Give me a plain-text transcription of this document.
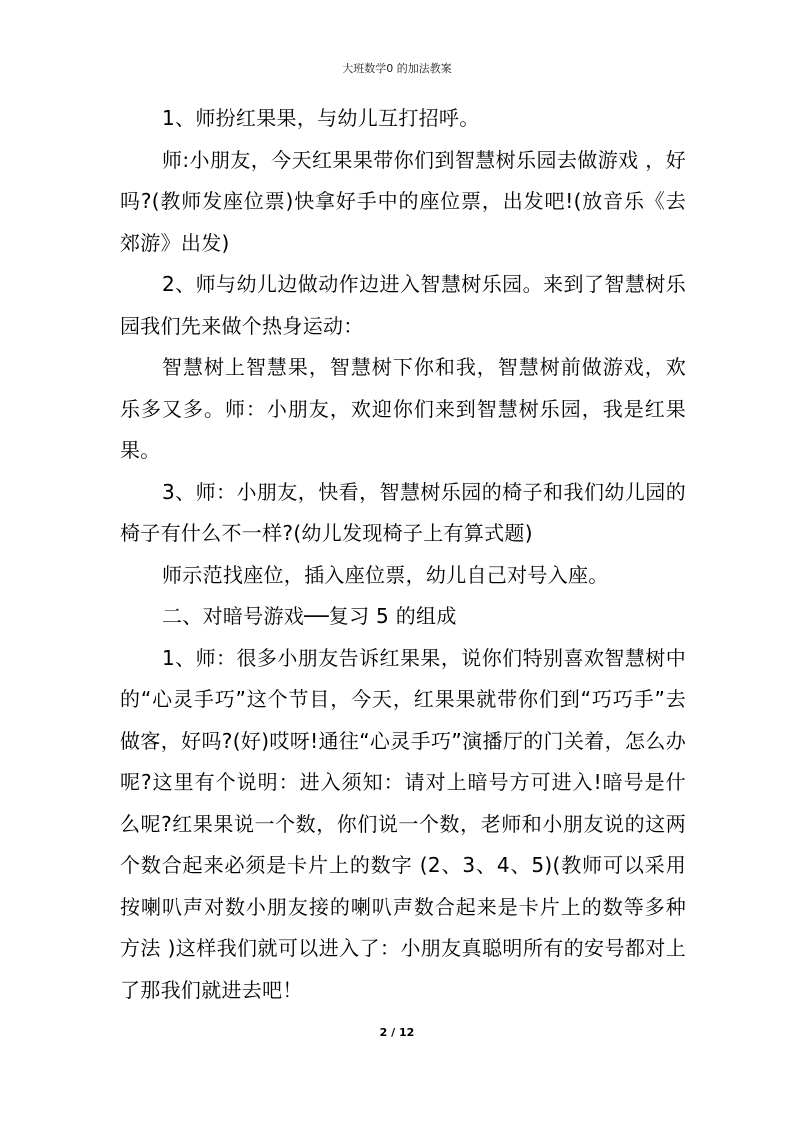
大班数学0 的加法教案

1、师扮红果果，与幼儿互打招呼。

师:小朋友，今天红果果带你们到智慧树乐园去做游戏 ，好吗?(教师发座位票)快拿好手中的座位票，出发吧!(放音乐《去郊游》出发)

2、师与幼儿边做动作边进入智慧树乐园。来到了智慧树乐园我们先来做个热身运动：

智慧树上智慧果，智慧树下你和我，智慧树前做游戏，欢乐多又多。师：小朋友，欢迎你们来到智慧树乐园，我是红果果。

3、师：小朋友，快看，智慧树乐园的椅子和我们幼儿园的椅子有什么不一样?(幼儿发现椅子上有算式题)

师示范找座位，插入座位票，幼儿自己对号入座。

二、对暗号游戏──复习 5 的组成

1、师：很多小朋友告诉红果果，说你们特别喜欢智慧树中的“心灵手巧”这个节目，今天，红果果就带你们到“巧巧手”去做客，好吗?(好)哎呀!通往“心灵手巧”演播厅的门关着，怎么办呢?这里有个说明：进入须知：请对上暗号方可进入!暗号是什么呢?红果果说一个数，你们说一个数，老师和小朋友说的这两个数合起来必须是卡片上的数字 (2、3、4、5)(教师可以采用按喇叭声对数小朋友接的喇叭声数合起来是卡片上的数等多种方法 )这样我们就可以进入了：小朋友真聪明所有的安号都对上了那我们就进去吧！

2 / 12
